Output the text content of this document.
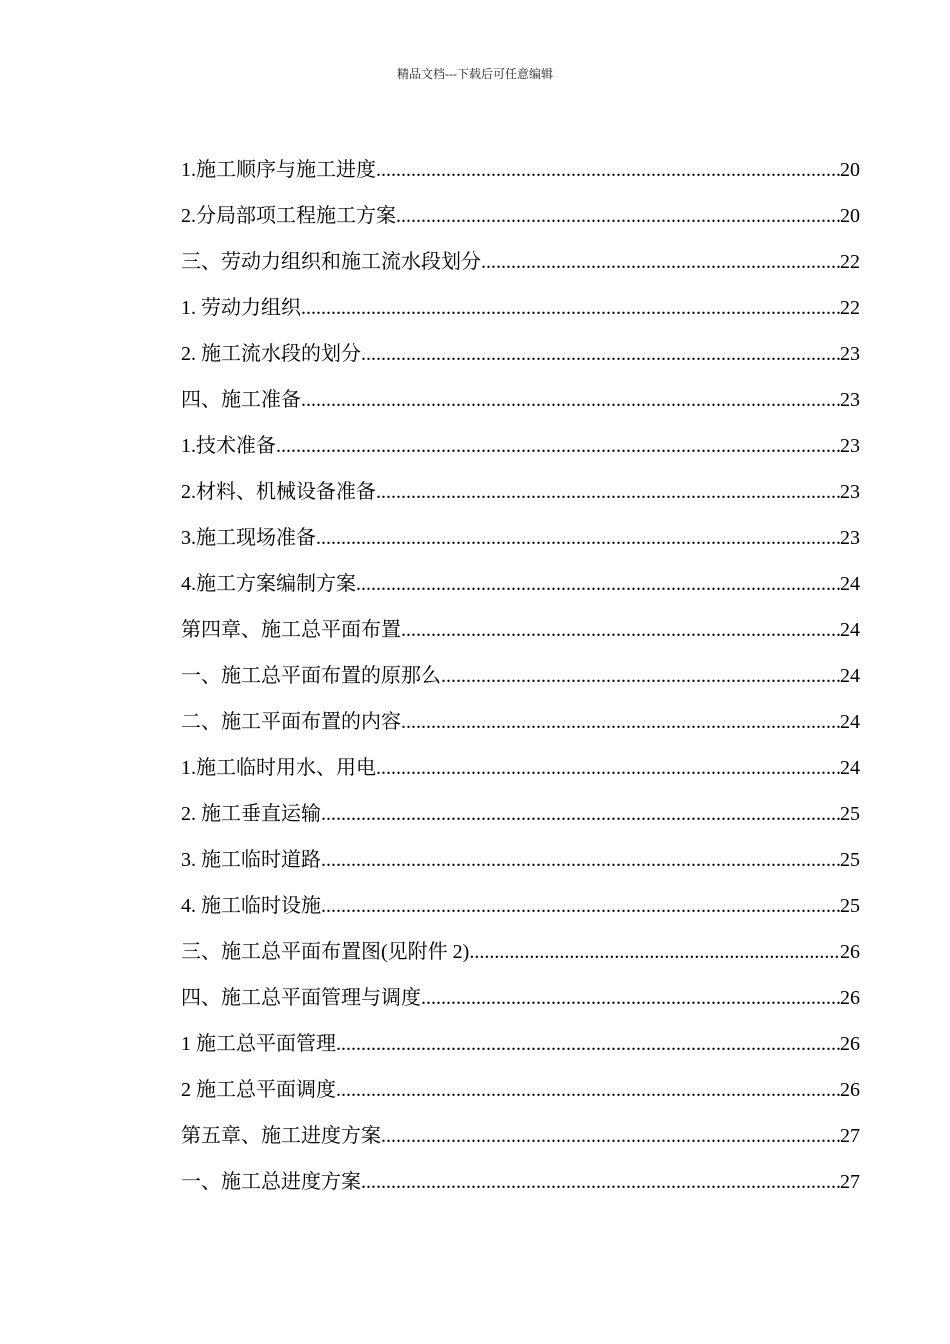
精品文档---下载后可任意编辑
1.施工顺序与施工进度 .....	20
2.分局部项工程施工方案 .....	20
三、劳动力组织和施工流水段划分 .....	22
1. 劳动力组织 .....	22
2. 施工流水段的划分 .....	23
四、施工准备 .....	23
1.技术准备 .....	23
2.材料、机械设备准备 .....	23
3.施工现场准备 .....	23
4.施工方案编制方案 .....	24
第四章、施工总平面布置 .....	24
一、施工总平面布置的原那么 .....	24
二、施工平面布置的内容 .....	24
1.施工临时用水、用电 .....	24
2. 施工垂直运输 .....	25
3. 施工临时道路 .....	25
4. 施工临时设施 .....	25
三、施工总平面布置图(见附件 2) .....	26
四、施工总平面管理与调度 .....	26
1 施工总平面管理 .....	26
2 施工总平面调度 .....	26
第五章、施工进度方案 .....	27
一、施工总进度方案 .....	27
